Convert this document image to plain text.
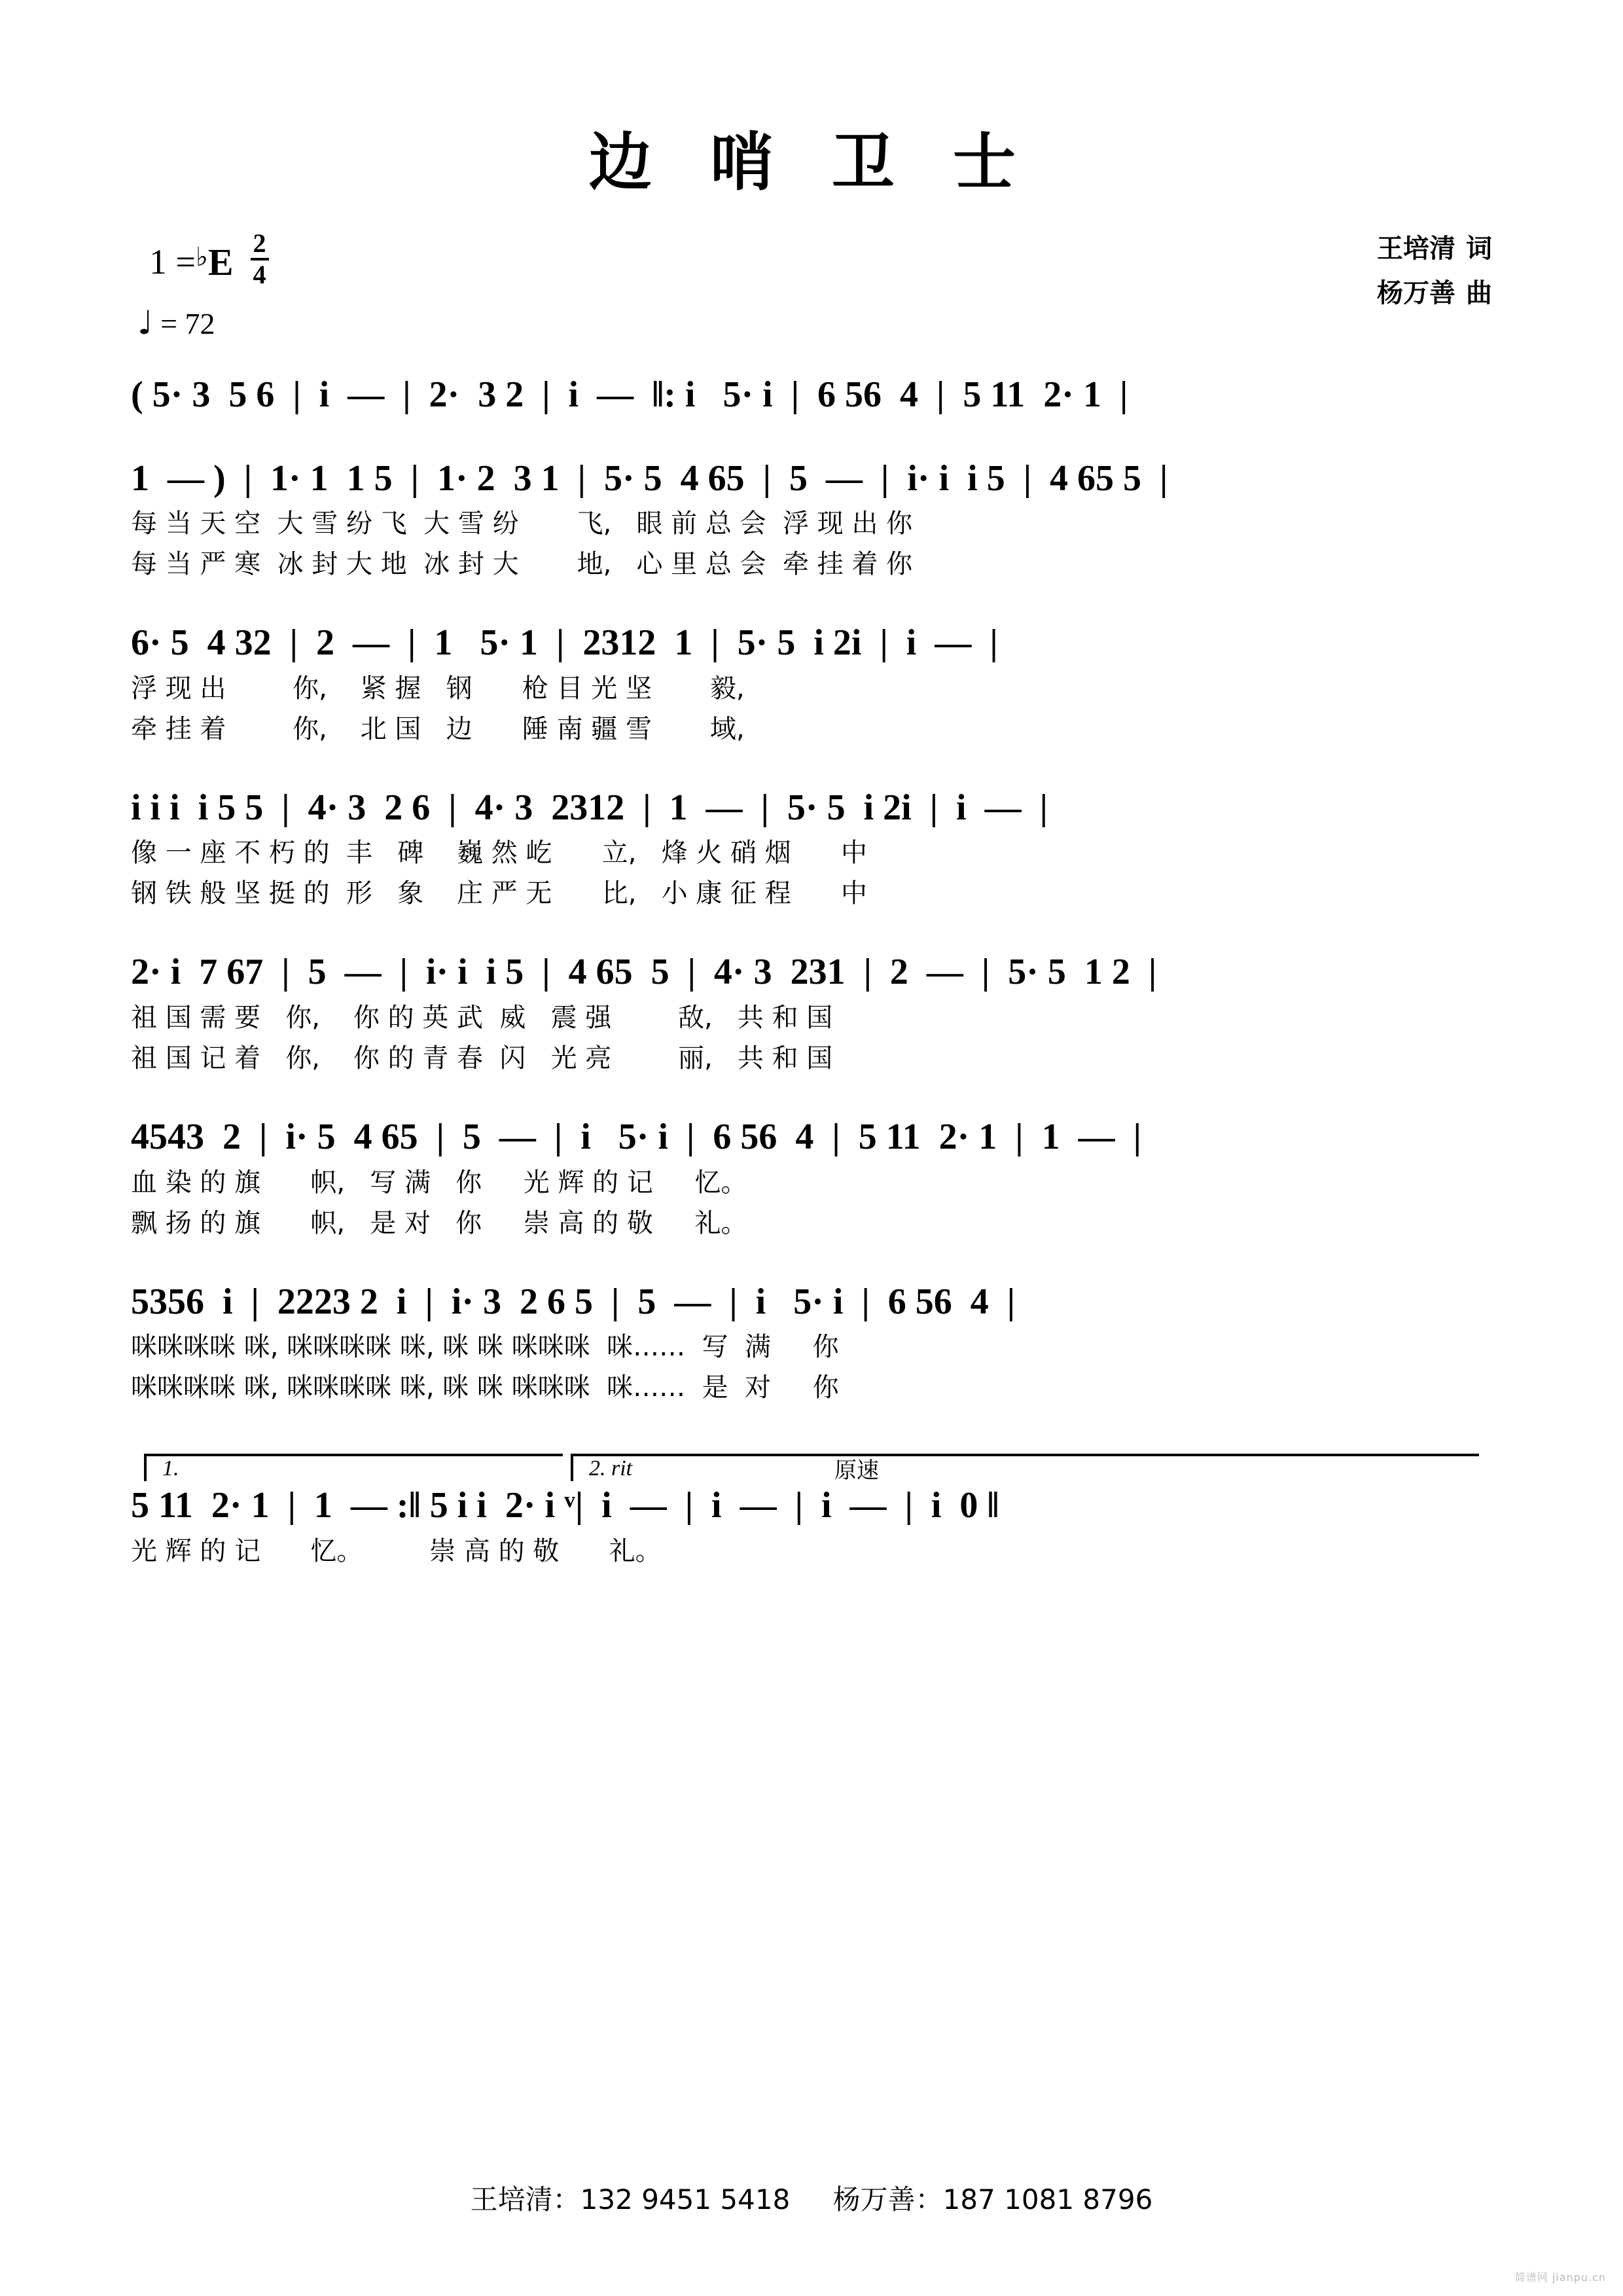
边 哨 卫 士
1 = ♭ E $\frac{2}{4}$
♩ = 72
王培清 词
杨万善 曲
( 5· 3  5 6  |  i  —  |  2·  3 2  |  i  —  ‖: i   5· i  |  6 56  4  |  5 11  2· 1  |
1  — )  |  1· 1  1 5  |  1· 2  3 1  |  5· 5  4 65  |  5  —  |  i· i  i 5  |  4 65 5  |
每 当 天 空  大 雪 纷 飞  大 雪 纷       飞,   眼 前 总 会  浮 现 出 你
每 当 严 寒  冰 封 大 地  冰 封 大       地,   心 里 总 会  牵 挂 着 你
6· 5  4 32  |  2  —  |  1   5· 1  |  2312  1  |  5· 5  i 2i  |  i  —  |
浮 现 出        你,    紧 握   钢      枪 目 光 坚       毅,
牵 挂 着        你,    北 国   边      陲 南 疆 雪       域,
i i i  i 5 5  |  4· 3  2 6  |  4· 3  2312  |  1  —  |  5· 5  i 2i  |  i  —  |
像 一 座 不 朽 的  丰   碑    巍 然 屹      立,   烽 火 硝 烟      中
钢 铁 般 坚 挺 的  形   象    庄 严 无      比,   小 康 征 程      中
2· i  7 67  |  5  —  |  i· i  i 5  |  4 65  5  |  4· 3  231  |  2  —  |  5· 5  1 2  |
祖 国 需 要   你,    你 的 英 武  威   震 强        敌,   共 和 国
祖 国 记 着   你,    你 的 青 春  闪   光 亮        丽,   共 和 国
4543  2  |  i· 5  4 65  |  5  —  |  i   5· i  |  6 56  4  |  5 11  2· 1  |  1  —  |
血 染 的 旗      帜,   写 满   你     光 辉 的 记     忆。
飘 扬 的 旗      帜,   是 对   你     崇 高 的 敬     礼。
5356  i  |  2223 2  i  |  i· 3  2 6 5  |  5  —  |  i   5· i  |  6 56  4  |
咪咪咪咪 咪, 咪咪咪咪 咪, 咪 咪 咪咪咪  咪……  写  满     你
咪咪咪咪 咪, 咪咪咪咪 咪, 咪 咪 咪咪咪  咪……  是  对     你
1.	2. rit	原速
5 11  2· 1  |  1  — :‖ 5 i i  2· i ᵛ|  i  —  |  i  —  |  i  —  |  i  0 ‖
光 辉 的 记      忆。        崇 高 的 敬      礼。
王培清：132 9451 5418 杨万善：187 1081 8796
简谱网 jianpu.cn
